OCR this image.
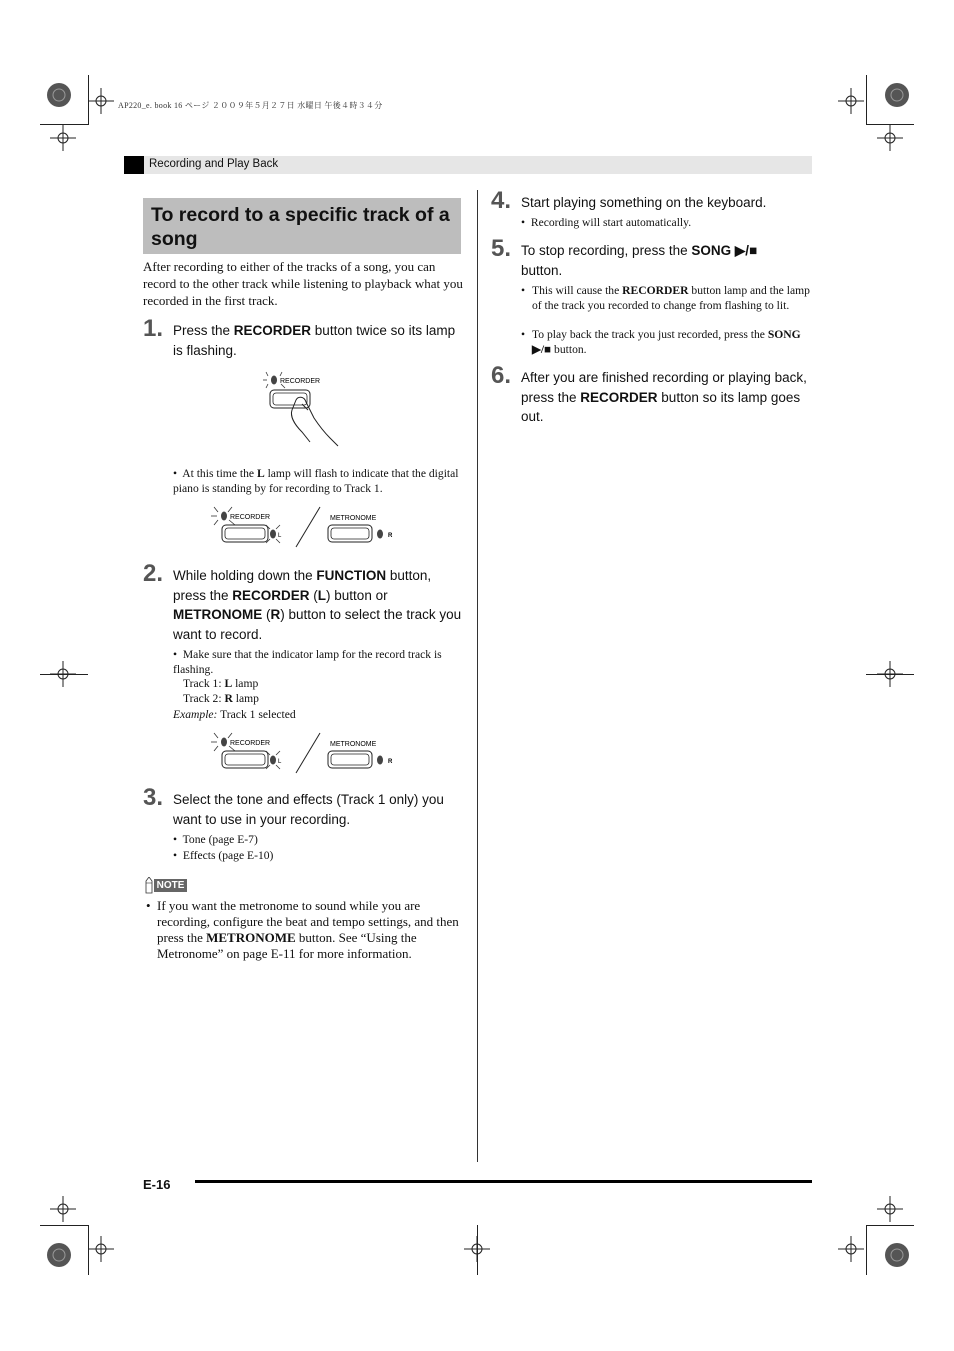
AP220_e. book 16 ページ ２００９年５月２７日 水曜日 午後４時３４分
Recording and Play Back
To record to a specific track of a song
After recording to either of the tracks of a song, you can record to the other track while listening to playback what you recorded in the first track.
1. Press the RECORDER button twice so its lamp is flashing.
RECORDER
•  At this time the L lamp will flash to indicate that the digital piano is standing by for recording to Track 1.
RECORDER
L
METRONOME
R
2. While holding down the FUNCTION button, press the RECORDER (L) button or METRONOME (R) button to select the track you want to record.
•  Make sure that the indicator lamp for the record track is flashing.
Track 1: L lamp
Track 2: R lamp
Example: Track 1 selected
RECORDER
L
METRONOME
R
3. Select the tone and effects (Track 1 only) you want to use in your recording.
•  Tone (page E-7)
•  Effects (page E-10)
NOTE
• If you want the metronome to sound while you are recording, configure the beat and tempo settings, and then press the METRONOME button. See “Using the Metronome” on page E-11 for more information.
4. Start playing something on the keyboard.
•  Recording will start automatically.
5. To stop recording, press the SONG ▶/■ button.
• This will cause the RECORDER button lamp and the lamp of the track you recorded to change from flashing to lit.
• To play back the track you just recorded, press the SONG ▶/■ button.
6. After you are finished recording or playing back, press the RECORDER button so its lamp goes out.
E-16
